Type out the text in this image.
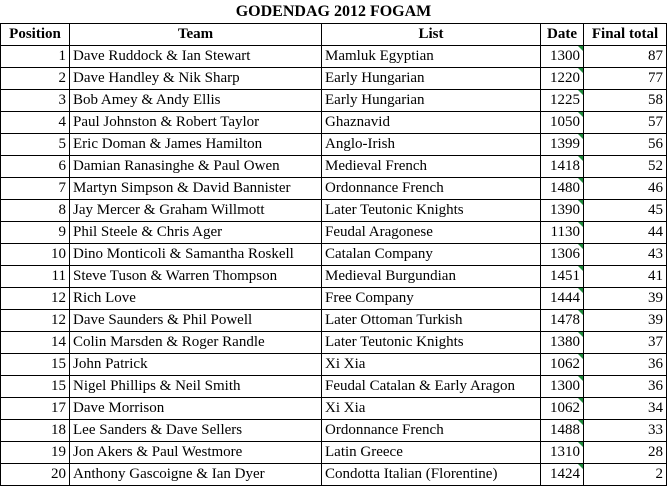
GODENDAG 2012 FOGAM
Position	Team	List	Date	Final total
1	Dave Ruddock & Ian Stewart	Mamluk Egyptian	1300	87
2	Dave Handley & Nik Sharp	Early Hungarian	1220	77
3	Bob Amey & Andy Ellis	Early Hungarian	1225	58
4	Paul Johnston & Robert Taylor	Ghaznavid	1050	57
5	Eric Doman & James Hamilton	Anglo-Irish	1399	56
6	Damian Ranasinghe & Paul Owen	Medieval French	1418	52
7	Martyn Simpson & David Bannister	Ordonnance French	1480	46
8	Jay Mercer & Graham Willmott	Later Teutonic Knights	1390	45
9	Phil Steele & Chris Ager	Feudal Aragonese	1130	44
10	Dino Monticoli & Samantha Roskell	Catalan Company	1306	43
11	Steve Tuson & Warren Thompson	Medieval Burgundian	1451	41
12	Rich Love	Free Company	1444	39
12	Dave Saunders & Phil Powell	Later Ottoman Turkish	1478	39
14	Colin Marsden & Roger Randle	Later Teutonic Knights	1380	37
15	John Patrick	Xi Xia	1062	36
15	Nigel Phillips & Neil Smith	Feudal Catalan & Early Aragon	1300	36
17	Dave Morrison	Xi Xia	1062	34
18	Lee Sanders & Dave Sellers	Ordonnance French	1488	33
19	Jon Akers & Paul Westmore	Latin Greece	1310	28
20	Anthony Gascoigne & Ian Dyer	Condotta Italian (Florentine)	1424	2
